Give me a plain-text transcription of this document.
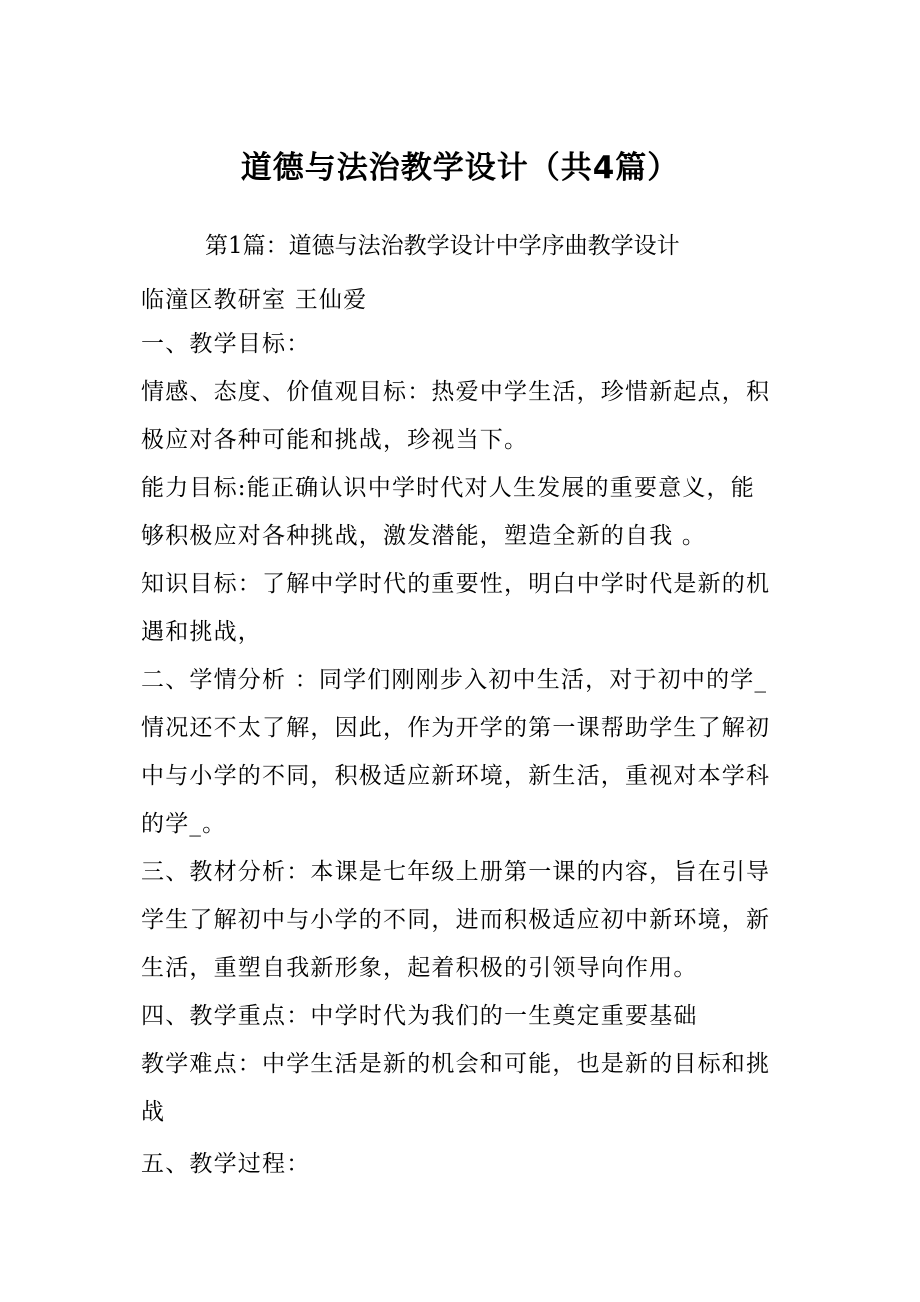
道德与法治教学设计（共4篇）

第1篇：道德与法治教学设计中学序曲教学设计

临潼区教研室 王仙爱

一、教学目标：

情感、态度、价值观目标：热爱中学生活，珍惜新起点，积

极应对各种可能和挑战，珍视当下。

能力目标:能正确认识中学时代对人生发展的重要意义，能

够积极应对各种挑战，激发潜能，塑造全新的自我 。

知识目标：了解中学时代的重要性，明白中学时代是新的机

遇和挑战，

二、学情分析 ：同学们刚刚步入初中生活，对于初中的学_

情况还不太了解，因此，作为开学的第一课帮助学生了解初

中与小学的不同，积极适应新环境，新生活，重视对本学科

的学_。

三、教材分析：本课是七年级上册第一课的内容，旨在引导

学生了解初中与小学的不同，进而积极适应初中新环境，新

生活，重塑自我新形象，起着积极的引领导向作用。

四、教学重点：中学时代为我们的一生奠定重要基础

教学难点：中学生活是新的机会和可能，也是新的目标和挑

战

五、教学过程：
